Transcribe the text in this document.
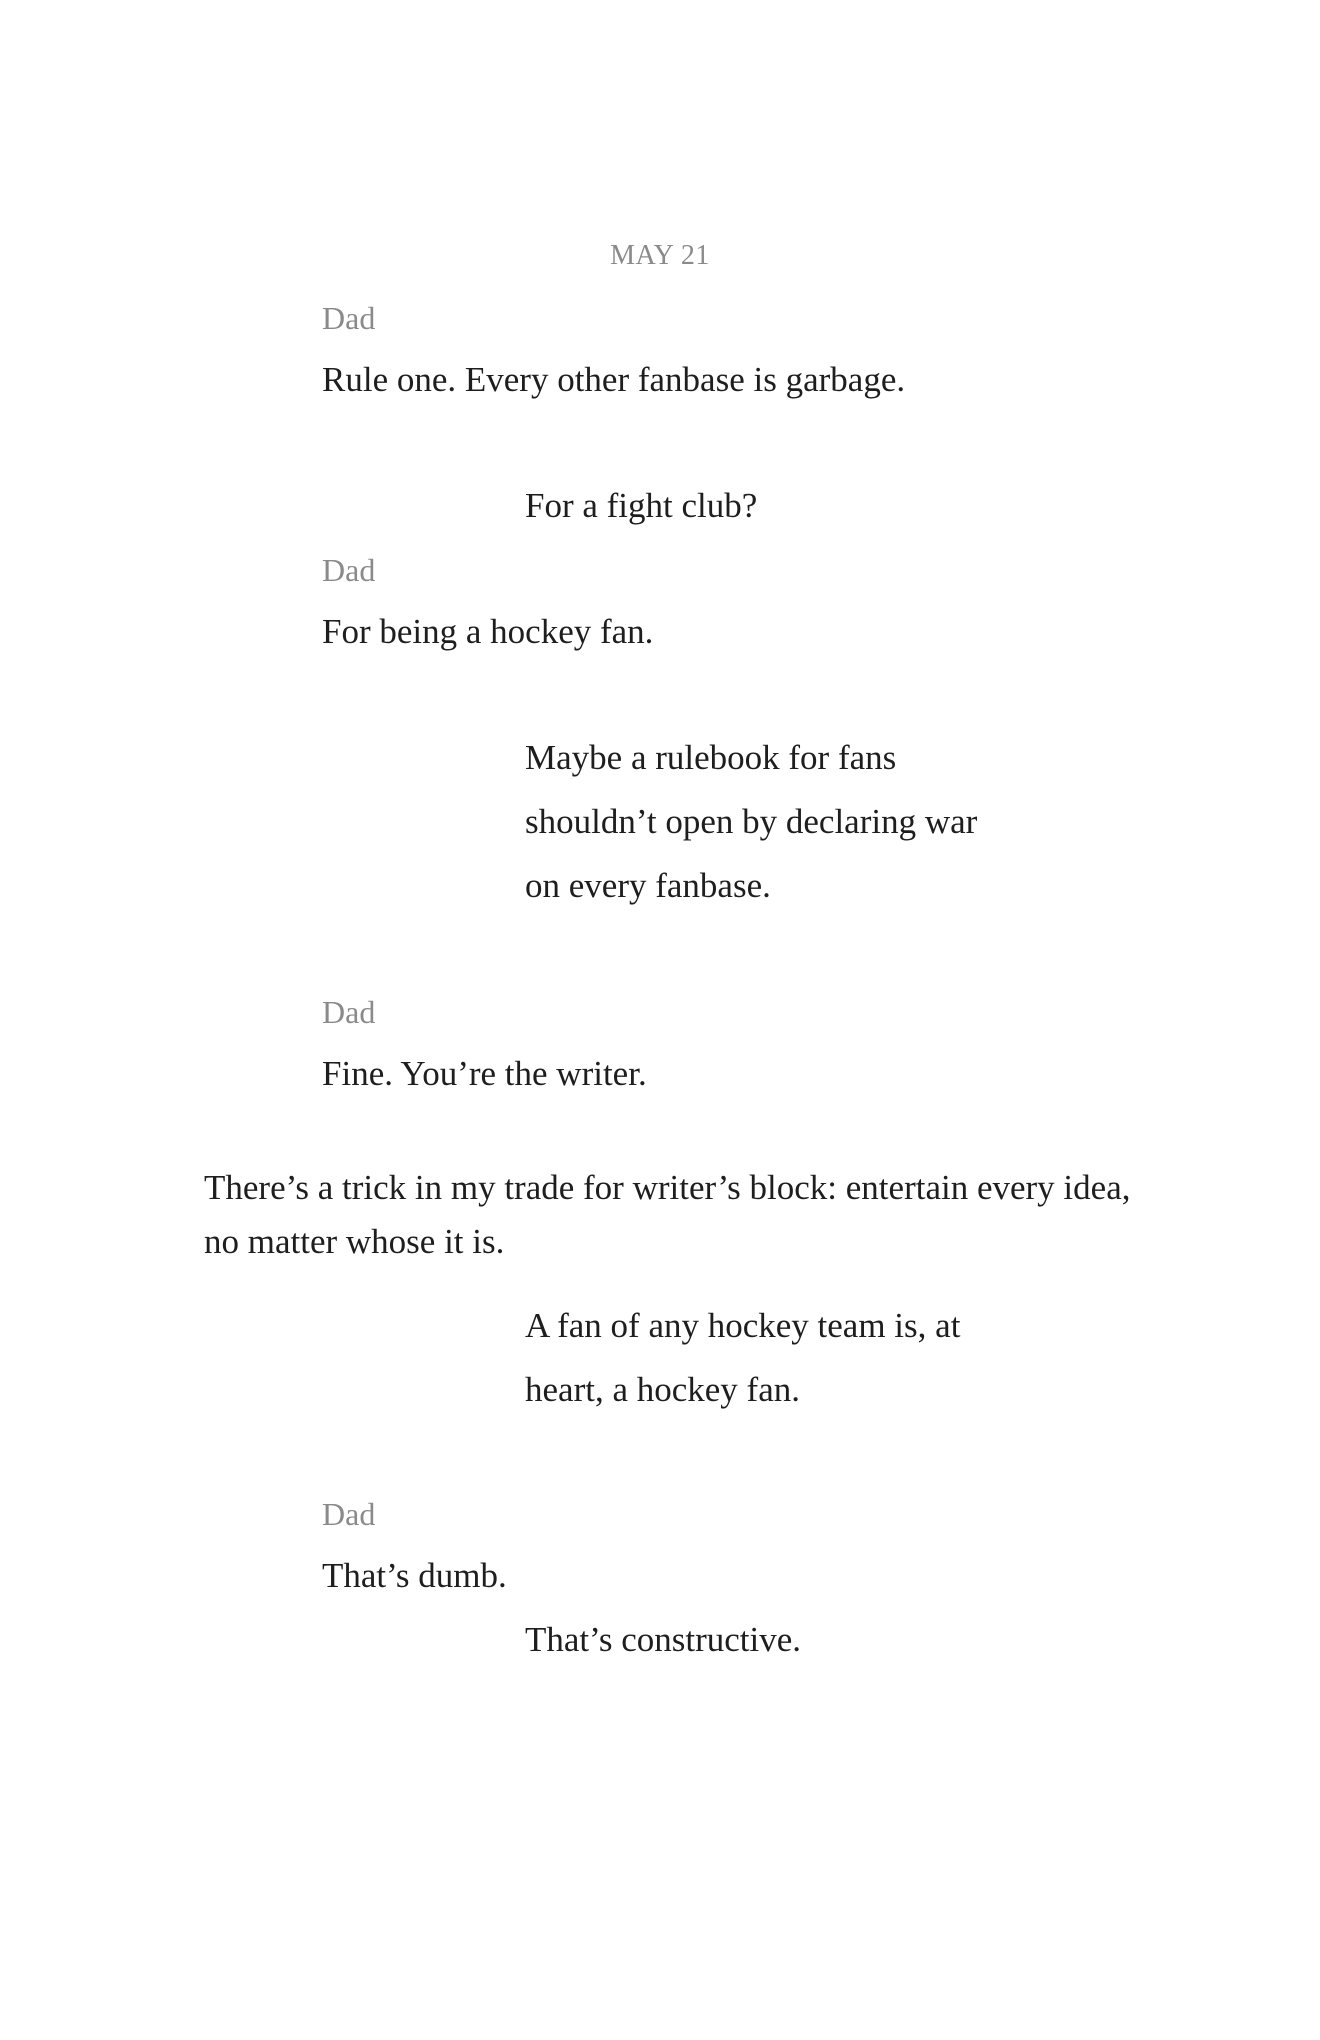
MAY 21
Dad
Rule one. Every other fanbase is garbage.
For a fight club?
Dad
For being a hockey fan.
Maybe a rulebook for fans
shouldn’t open by declaring war
on every fanbase.
Dad
Fine. You’re the writer.
There’s a trick in my trade for writer’s block: entertain every idea,
no matter whose it is.
A fan of any hockey team is, at
heart, a hockey fan.
Dad
That’s dumb.
That’s constructive.
